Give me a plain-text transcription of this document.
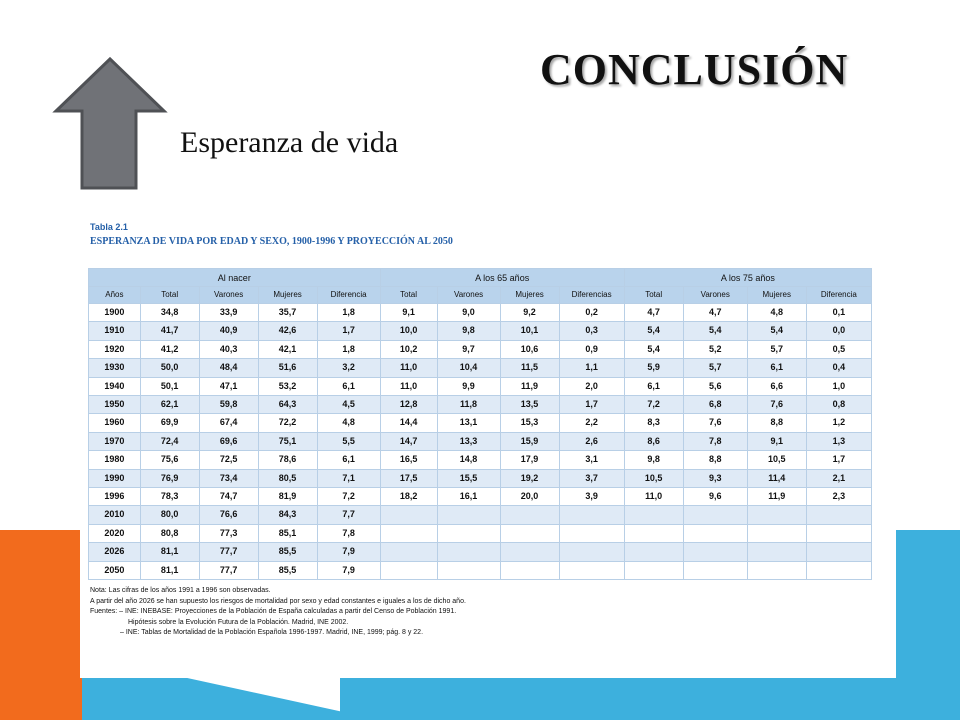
CONCLUSIÓN
Esperanza de vida
Tabla 2.1
ESPERANZA DE VIDA POR EDAD Y SEXO, 1900-1996 Y PROYECCIÓN AL 2050
Al nacer					A los 65 años				A los 75 años			
Años	Total	Varones	Mujeres	Diferencia	Total	Varones	Mujeres	Diferencias	Total	Varones	Mujeres	Diferencia
1900	34,8	33,9	35,7	1,8	9,1	9,0	9,2	0,2	4,7	4,7	4,8	0,1
1910	41,7	40,9	42,6	1,7	10,0	9,8	10,1	0,3	5,4	5,4	5,4	0,0
1920	41,2	40,3	42,1	1,8	10,2	9,7	10,6	0,9	5,4	5,2	5,7	0,5
1930	50,0	48,4	51,6	3,2	11,0	10,4	11,5	1,1	5,9	5,7	6,1	0,4
1940	50,1	47,1	53,2	6,1	11,0	9,9	11,9	2,0	6,1	5,6	6,6	1,0
1950	62,1	59,8	64,3	4,5	12,8	11,8	13,5	1,7	7,2	6,8	7,6	0,8
1960	69,9	67,4	72,2	4,8	14,4	13,1	15,3	2,2	8,3	7,6	8,8	1,2
1970	72,4	69,6	75,1	5,5	14,7	13,3	15,9	2,6	8,6	7,8	9,1	1,3
1980	75,6	72,5	78,6	6,1	16,5	14,8	17,9	3,1	9,8	8,8	10,5	1,7
1990	76,9	73,4	80,5	7,1	17,5	15,5	19,2	3,7	10,5	9,3	11,4	2,1
1996	78,3	74,7	81,9	7,2	18,2	16,1	20,0	3,9	11,0	9,6	11,9	2,3
2010	80,0	76,6	84,3	7,7								
2020	80,8	77,3	85,1	7,8								
2026	81,1	77,7	85,5	7,9								
2050	81,1	77,7	85,5	7,9								
Nota: Las cifras de los años 1991 a 1996 son observadas.
A partir del año 2026 se han supuesto los riesgos de mortalidad por sexo y edad constantes e iguales a los de dicho año.
Fuentes: – INE: INEBASE: Proyecciones de la Población de España calculadas a partir del Censo de Población 1991.
Hipótesis sobre la Evolución Futura de la Población. Madrid, INE 2002.
– INE: Tablas de Mortalidad de la Población Española 1996-1997. Madrid, INE, 1999; pág. 8 y 22.
